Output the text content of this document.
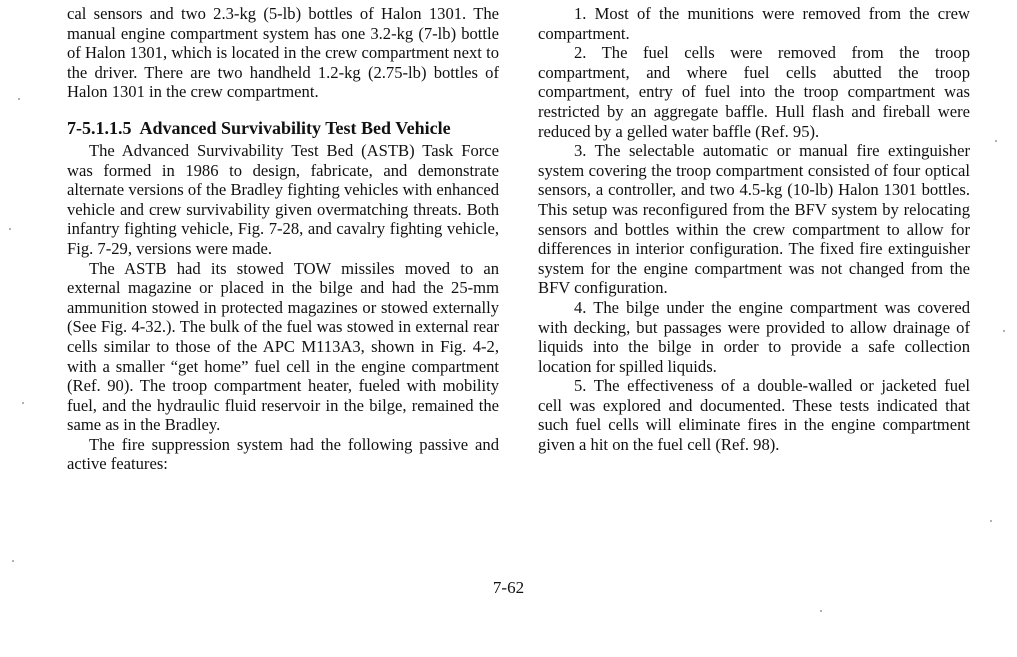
cal sensors and two 2.3-kg (5-lb) bottles of Halon 1301. The manual engine compartment system has one 3.2-kg (7-lb) bottle of Halon 1301, which is located in the crew compartment next to the driver. There are two handheld 1.2-kg (2.75-lb) bottles of Halon 1301 in the crew compartment.

7-5.1.1.5 Advanced Survivability Test Bed Vehicle

The Advanced Survivability Test Bed (ASTB) Task Force was formed in 1986 to design, fabricate, and demonstrate alternate versions of the Bradley fighting vehicles with enhanced vehicle and crew survivability given overmatching threats. Both infantry fighting vehicle, Fig. 7-28, and cavalry fighting vehicle, Fig. 7-29, versions were made.

The ASTB had its stowed TOW missiles moved to an external magazine or placed in the bilge and had the 25-mm ammunition stowed in protected magazines or stowed externally (See Fig. 4-32.). The bulk of the fuel was stowed in external rear cells similar to those of the APC M113A3, shown in Fig. 4-2, with a smaller “get home” fuel cell in the engine compartment (Ref. 90). The troop compartment heater, fueled with mobility fuel, and the hydraulic fluid reservoir in the bilge, remained the same as in the Bradley.

The fire suppression system had the following passive and active features:

1. Most of the munitions were removed from the crew compartment.

2. The fuel cells were removed from the troop compartment, and where fuel cells abutted the troop compartment, entry of fuel into the troop compartment was restricted by an aggregate baffle. Hull flash and fireball were reduced by a gelled water baffle (Ref. 95).

3. The selectable automatic or manual fire extinguisher system covering the troop compartment consisted of four optical sensors, a controller, and two 4.5-kg (10-lb) Halon 1301 bottles. This setup was reconfigured from the BFV system by relocating sensors and bottles within the crew compartment to allow for differences in interior configuration. The fixed fire extinguisher system for the engine compartment was not changed from the BFV configuration.

4. The bilge under the engine compartment was covered with decking, but passages were provided to allow drainage of liquids into the bilge in order to provide a safe collection location for spilled liquids.

5. The effectiveness of a double-walled or jacketed fuel cell was explored and documented. These tests indicated that such fuel cells will eliminate fires in the engine compartment given a hit on the fuel cell (Ref. 98).

7-62
